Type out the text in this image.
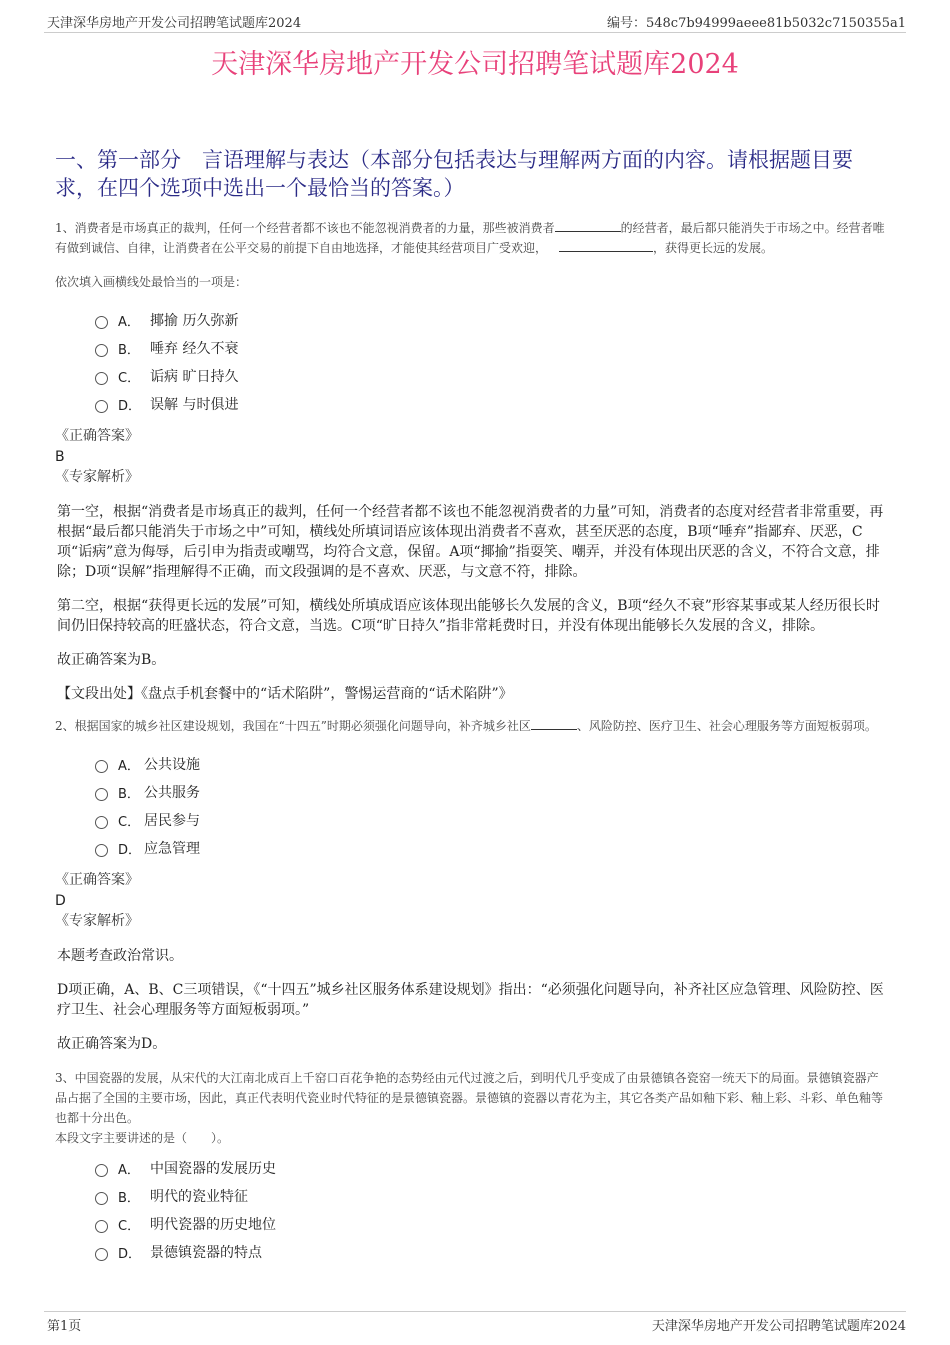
天津深华房地产开发公司招聘笔试题库2024	编号：548c7b94999aeee81b5032c7150355a1
天津深华房地产开发公司招聘笔试题库2024
一、第一部分　言语理解与表达（本部分包括表达与理解两方面的内容。请根据题目要求，在四个选项中选出一个最恰当的答案。）

1、消费者是市场真正的裁判，任何一个经营者都不该也不能忽视消费者的力量，那些被消费者	的经营者，最后都只能消失于市场之中。经营者唯有做到诚信、自律，让消费者在公平交易的前提下自由地选择，才能使其经营项目广受欢迎，	，获得更长远的发展。

依次填入画横线处最恰当的一项是：

A． 揶揄 历久弥新
B． 唾弃 经久不衰
C． 诟病 旷日持久
D． 误解 与时俱进
《正确答案》
B
《专家解析》

第一空，根据“消费者是市场真正的裁判，任何一个经营者都不该也不能忽视消费者的力量”可知，消费者的态度对经营者非常重要，再根据“最后都只能消失于市场之中”可知，横线处所填词语应该体现出消费者不喜欢，甚至厌恶的态度，B项“唾弃”指鄙弃、厌恶，C项“诟病”意为侮辱，后引申为指责或嘲骂，均符合文意，保留。A项“揶揄”指耍笑、嘲弄，并没有体现出厌恶的含义，不符合文意，排除；D项“误解”指理解得不正确，而文段强调的是不喜欢、厌恶，与文意不符，排除。

第二空，根据“获得更长远的发展”可知，横线处所填成语应该体现出能够长久发展的含义，B项“经久不衰”形容某事或某人经历很长时间仍旧保持较高的旺盛状态，符合文意，当选。C项“旷日持久”指非常耗费时日，并没有体现出能够长久发展的含义，排除。

故正确答案为B。

【文段出处】《盘点手机套餐中的“话术陷阱”，警惕运营商的“话术陷阱”》

2、根据国家的城乡社区建设规划，我国在“十四五”时期必须强化问题导向，补齐城乡社区	、风险防控、医疗卫生、社会心理服务等方面短板弱项。

A． 公共设施
B． 公共服务
C． 居民参与
D． 应急管理
《正确答案》
D
《专家解析》

本题考查政治常识。

D项正确，A、B、C三项错误，《“十四五”城乡社区服务体系建设规划》指出：“必须强化问题导向，补齐社区应急管理、风险防控、医疗卫生、社会心理服务等方面短板弱项。”

故正确答案为D。

3、中国瓷器的发展，从宋代的大江南北成百上千窑口百花争艳的态势经由元代过渡之后，到明代几乎变成了由景德镇各瓷窑一统天下的局面。景德镇瓷器产品占据了全国的主要市场，因此，真正代表明代瓷业时代特征的是景德镇瓷器。景德镇的瓷器以青花为主，其它各类产品如釉下彩、釉上彩、斗彩、单色釉等也都十分出色。

本段文字主要讲述的是（　　）。

A． 中国瓷器的发展历史
B． 明代的瓷业特征
C． 明代瓷器的历史地位
D． 景德镇瓷器的特点
第1页	天津深华房地产开发公司招聘笔试题库2024
